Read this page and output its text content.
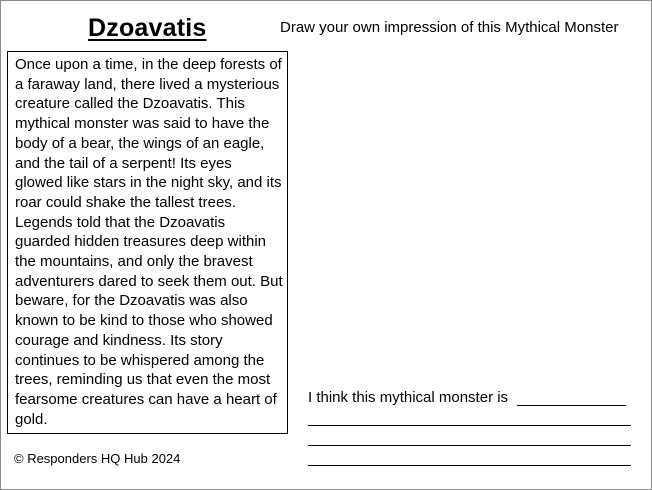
Dzoavatis	Draw your own impression of this Mythical Monster

Once upon a time, in the deep forests of a faraway land, there lived a mysterious creature called the Dzoavatis. This mythical monster was said to have the body of a bear, the wings of an eagle, and the tail of a serpent! Its eyes glowed like stars in the night sky, and its roar could shake the tallest trees. Legends told that the Dzoavatis guarded hidden treasures deep within the mountains, and only the bravest adventurers dared to seek them out. But beware, for the Dzoavatis was also known to be kind to those who showed courage and kindness. Its story continues to be whispered among the trees, reminding us that even the most fearsome creatures can have a heart of gold.

I think this mythical monster is
© Responders HQ Hub 2024
